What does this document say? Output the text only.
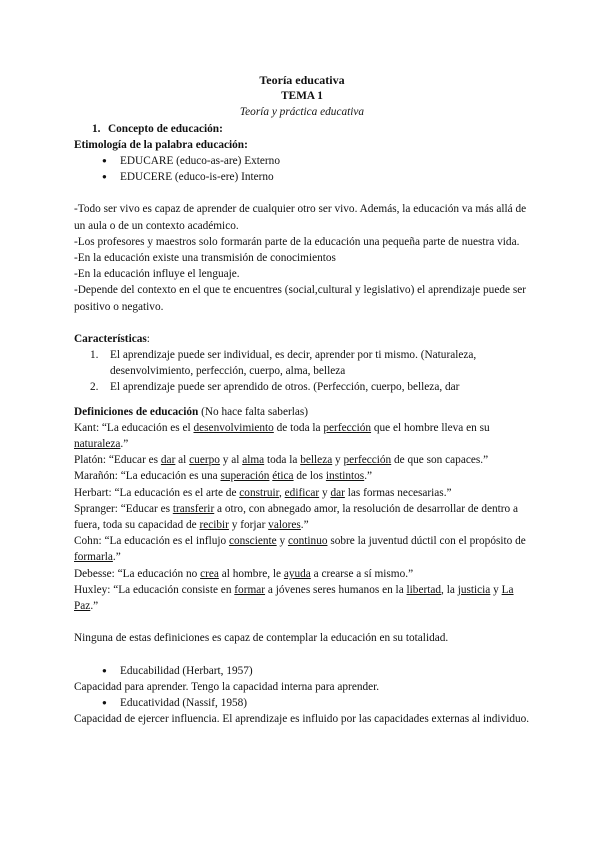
Teoría educativa

TEMA 1

Teoría y práctica educativa

1. Concepto de educación:

Etimología de la palabra educación:

● EDUCARE (educo-as-are) Externo
● EDUCERE (educo-is-ere) Interno

-Todo ser vivo es capaz de aprender de cualquier otro ser vivo. Además, la educación va más allá de un aula o de un contexto académico.

-Los profesores y maestros solo formarán parte de la educación una pequeña parte de nuestra vida.

-En la educación existe una transmisión de conocimientos

-En la educación influye el lenguaje.

-Depende del contexto en el que te encuentres (social,cultural y legislativo) el aprendizaje puede ser positivo o negativo.

Características:

1. El aprendizaje puede ser individual, es decir, aprender por ti mismo. (Naturaleza, desenvolvimiento, perfección, cuerpo, alma, belleza
2. El aprendizaje puede ser aprendido de otros. (Perfección, cuerpo, belleza, dar

Definiciones de educación (No hace falta saberlas)

Kant: “La educación es el desenvolvimiento de toda la perfección que el hombre lleva en su naturaleza.”

Platón: “Educar es dar al cuerpo y al alma toda la belleza y perfección de que son capaces.”

Marañón: “La educación es una superación ética de los instintos.”

Herbart: “La educación es el arte de construir, edificar y dar las formas necesarias.”

Spranger: “Educar es transferir a otro, con abnegado amor, la resolución de desarrollar de dentro a fuera, toda su capacidad de recibir y forjar valores.”

Cohn: “La educación es el influjo consciente y continuo sobre la juventud dúctil con el propósito de formarla.”

Debesse: “La educación no crea al hombre, le ayuda a crearse a sí mismo.”

Huxley: “La educación consiste en formar a jóvenes seres humanos en la libertad, la justicia y La Paz.”

Ninguna de estas definiciones es capaz de contemplar la educación en su totalidad.

● Educabilidad (Herbart, 1957)

Capacidad para aprender. Tengo la capacidad interna para aprender.

● Educatividad (Nassif, 1958)

Capacidad de ejercer influencia. El aprendizaje es influido por las capacidades externas al individuo.
